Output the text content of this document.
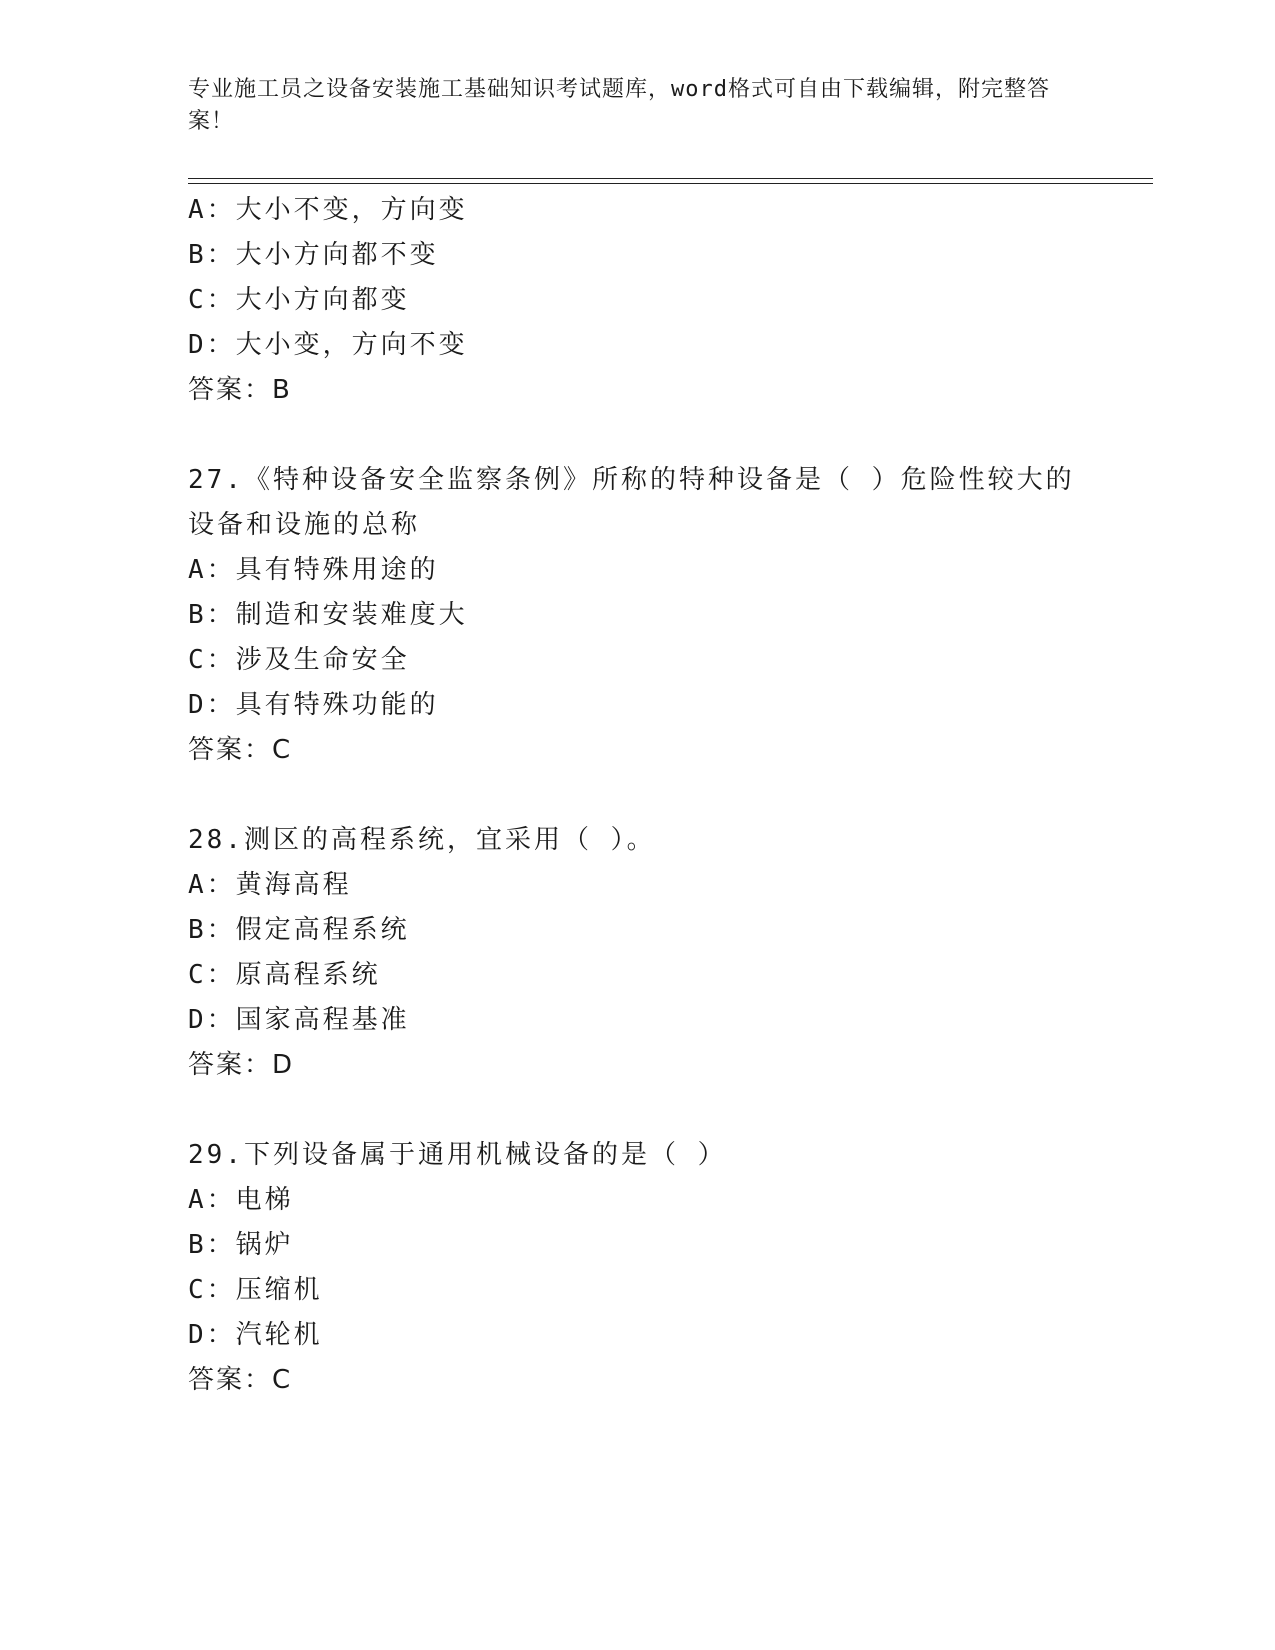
专业施工员之设备安装施工基础知识考试题库，word格式可自由下载编辑，附完整答案！
A：大小不变，方向变
B：大小方向都不变
C：大小方向都变
D：大小变，方向不变
答案：B
27.《特种设备安全监察条例》所称的特种设备是（ ）危险性较大的
设备和设施的总称
A：具有特殊用途的
B：制造和安装难度大
C：涉及生命安全
D：具有特殊功能的
答案：C
28.测区的高程系统，宜采用（ ）。
A：黄海高程
B：假定高程系统
C：原高程系统
D：国家高程基准
答案：D
29.下列设备属于通用机械设备的是（ ）
A：电梯
B：锅炉
C：压缩机
D：汽轮机
答案：C
